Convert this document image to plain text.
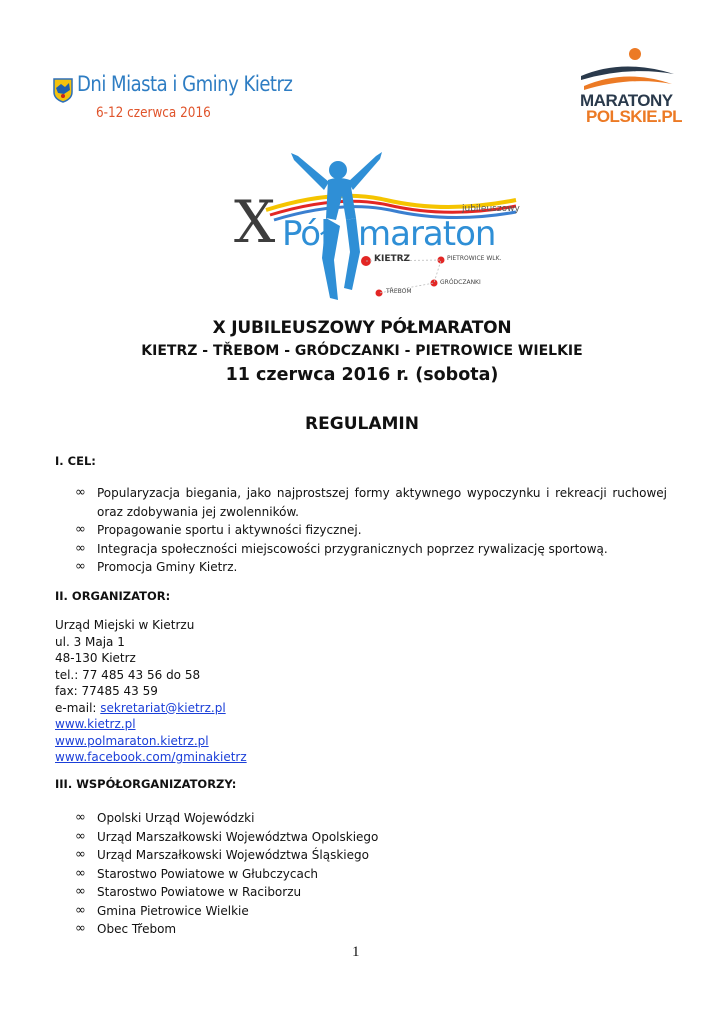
Dni Miasta i Gminy Kietrz
6-12 czerwca 2016
MARATONY
POLSKIE.PL
X Pół maraton
jubileuszowy
KIETRZ	PIETROWICE WLK.
GRÓDCZANKI
TŘEBOM
X JUBILEUSZOWY PÓŁMARATON
KIETRZ - TŘEBOM - GRÓDCZANKI - PIETROWICE WIELKIE
11 czerwca 2016 r. (sobota)
REGULAMIN
I. CEL:
∞ Popularyzacja biegania, jako najprostszej formy aktywnego wypoczynku i rekreacji ruchowej oraz zdobywania jej zwolenników.
∞ Propagowanie sportu i aktywności fizycznej.
∞ Integracja społeczności miejscowości przygranicznych poprzez rywalizację sportową.
∞ Promocja Gminy Kietrz.
II. ORGANIZATOR:
Urząd Miejski w Kietrzu
ul. 3 Maja 1
48-130 Kietrz
tel.: 77 485 43 56 do 58
fax: 77485 43 59
e-mail: sekretariat@kietrz.pl
www.kietrz.pl
www.polmaraton.kietrz.pl
www.facebook.com/gminakietrz
III. WSPÓŁORGANIZATORZY:
∞ Opolski Urząd Wojewódzki
∞ Urząd Marszałkowski Województwa Opolskiego
∞ Urząd Marszałkowski Województwa Śląskiego
∞ Starostwo Powiatowe w Głubczycach
∞ Starostwo Powiatowe w Raciborzu
∞ Gmina Pietrowice Wielkie
∞ Obec Třebom
1
